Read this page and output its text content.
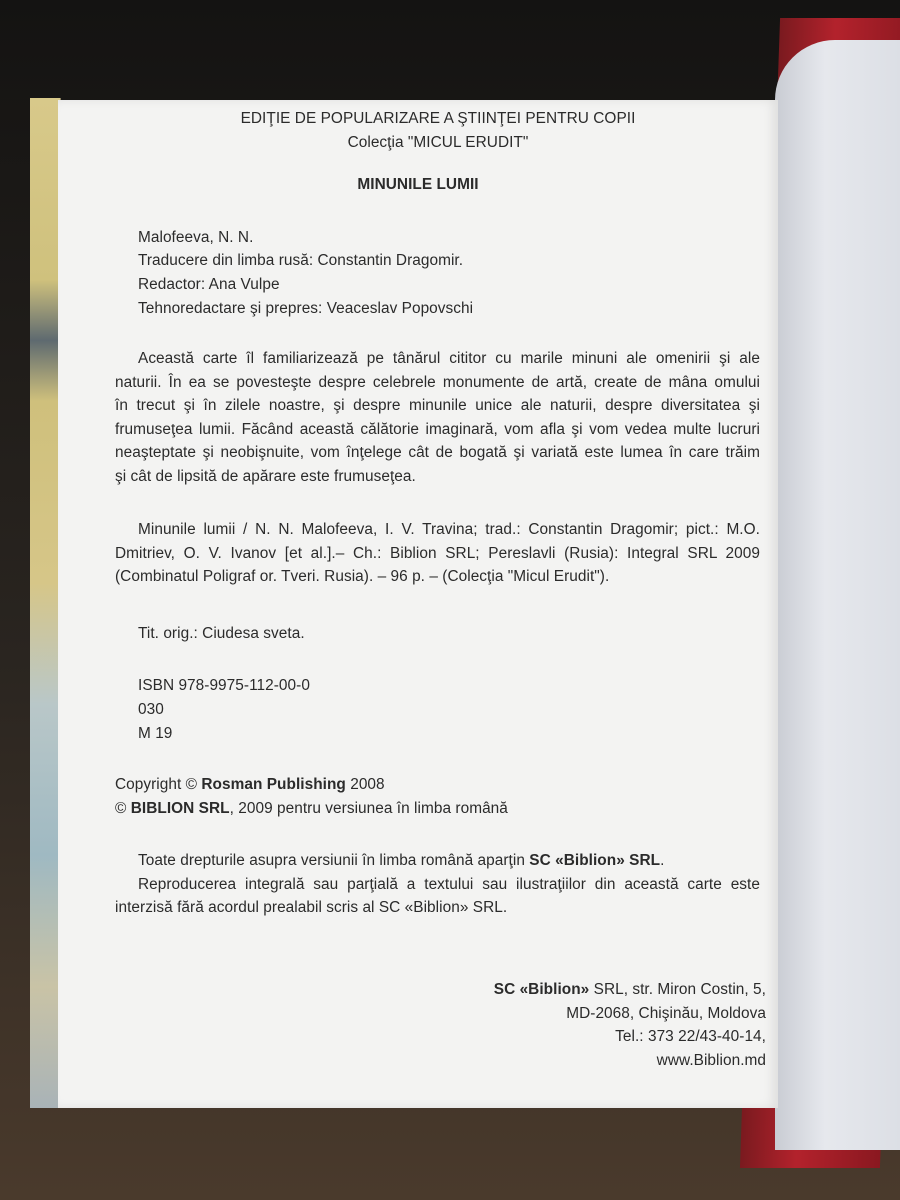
EDIŢIE DE POPULARIZARE A ŞTIINŢEI PENTRU COPII

Colecţia "MICUL ERUDIT"

MINUNILE LUMII

Malofeeva, N. N.

Traducere din limba rusă: Constantin Dragomir.

Redactor: Ana Vulpe

Tehnoredactare şi prepres: Veaceslav Popovschi

Această carte îl familiarizează pe tânărul cititor cu marile minuni ale omenirii şi ale
naturii. În ea se povesteşte despre celebrele monumente de artă, create de mâna omului
în trecut şi în zilele noastre, şi despre minunile unice ale naturii, despre diversitatea şi
frumuseţea lumii. Făcând această călătorie imaginară, vom afla şi vom vedea multe lucruri
neaşteptate şi neobişnuite, vom înţelege cât de bogată şi variată este lumea în care trăim
şi cât de lipsită de apărare este frumuseţea.

Minunile lumii / N. N. Malofeeva, I. V. Travina; trad.: Constantin Dragomir; pict.: M.O.
Dmitriev, O. V. Ivanov [et al.].– Ch.: Biblion SRL; Pereslavli (Rusia): Integral SRL 2009
(Combinatul Poligraf or. Tveri. Rusia). – 96 p. – (Colecţia "Micul Erudit").

Tit. orig.: Ciudesa sveta.

ISBN 978-9975-112-00-0

030

M 19

Copyright © Rosman Publishing 2008

© BIBLION SRL, 2009 pentru versiunea în limba română

Toate drepturile asupra versiunii în limba română aparţin SC «Biblion» SRL.
Reproducerea integrală sau parţială a textului sau ilustraţiilor din această carte este
interzisă fără acordul prealabil scris al SC «Biblion» SRL.

SC «Biblion» SRL, str. Miron Costin, 5,
MD-2068, Chişinău, Moldova
Tel.: 373 22/43-40-14,
www.Biblion.md
